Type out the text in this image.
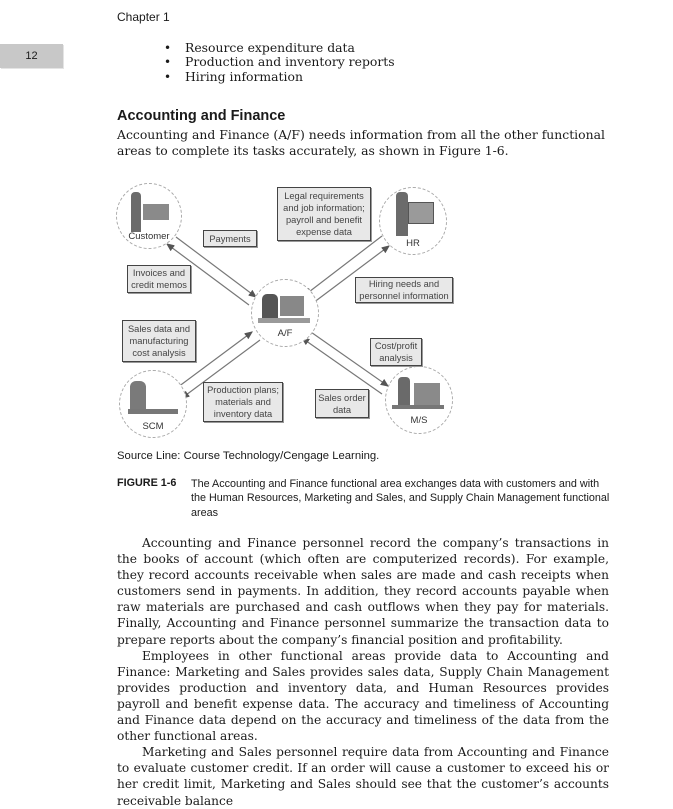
Chapter 1
12
• Resource expenditure data
• Production and inventory reports
• Hiring information
Accounting and Finance
Accounting and Finance (A/F) needs information from all the other functional areas to complete its tasks accurately, as shown in Figure 1-6.
Customer
HR
A/F
SCM
M/S
Legal requirements and job information; payroll and benefit expense data
Payments
Invoices and credit memos	Hiring needs and personnel information
Sales data and manufacturing cost analysis
Cost/profit analysis
Production plans; materials and inventory data
Sales order data
Source Line: Course Technology/Cengage Learning.
FIGURE 1-6 The Accounting and Finance functional area exchanges data with customers and with the Human Resources, Marketing and Sales, and Supply Chain Management functional areas

Accounting and Finance personnel record the company’s transactions in the books of account (which often are computerized records). For example, they record accounts receivable when sales are made and cash receipts when customers send in payments. In addition, they record accounts payable when raw materials are purchased and cash outflows when they pay for materials. Finally, Accounting and Finance personnel summarize the transaction data to prepare reports about the company’s financial position and profitability.

Employees in other functional areas provide data to Accounting and Finance: Marketing and Sales provides sales data, Supply Chain Management provides production and inventory data, and Human Resources provides payroll and benefit expense data. The accuracy and timeliness of Accounting and Finance data depend on the accuracy and timeliness of the data from the other functional areas.

Marketing and Sales personnel require data from Accounting and Finance to evaluate customer credit. If an order will cause a customer to exceed his or her credit limit, Marketing and Sales should see that the customer’s accounts receivable balance
